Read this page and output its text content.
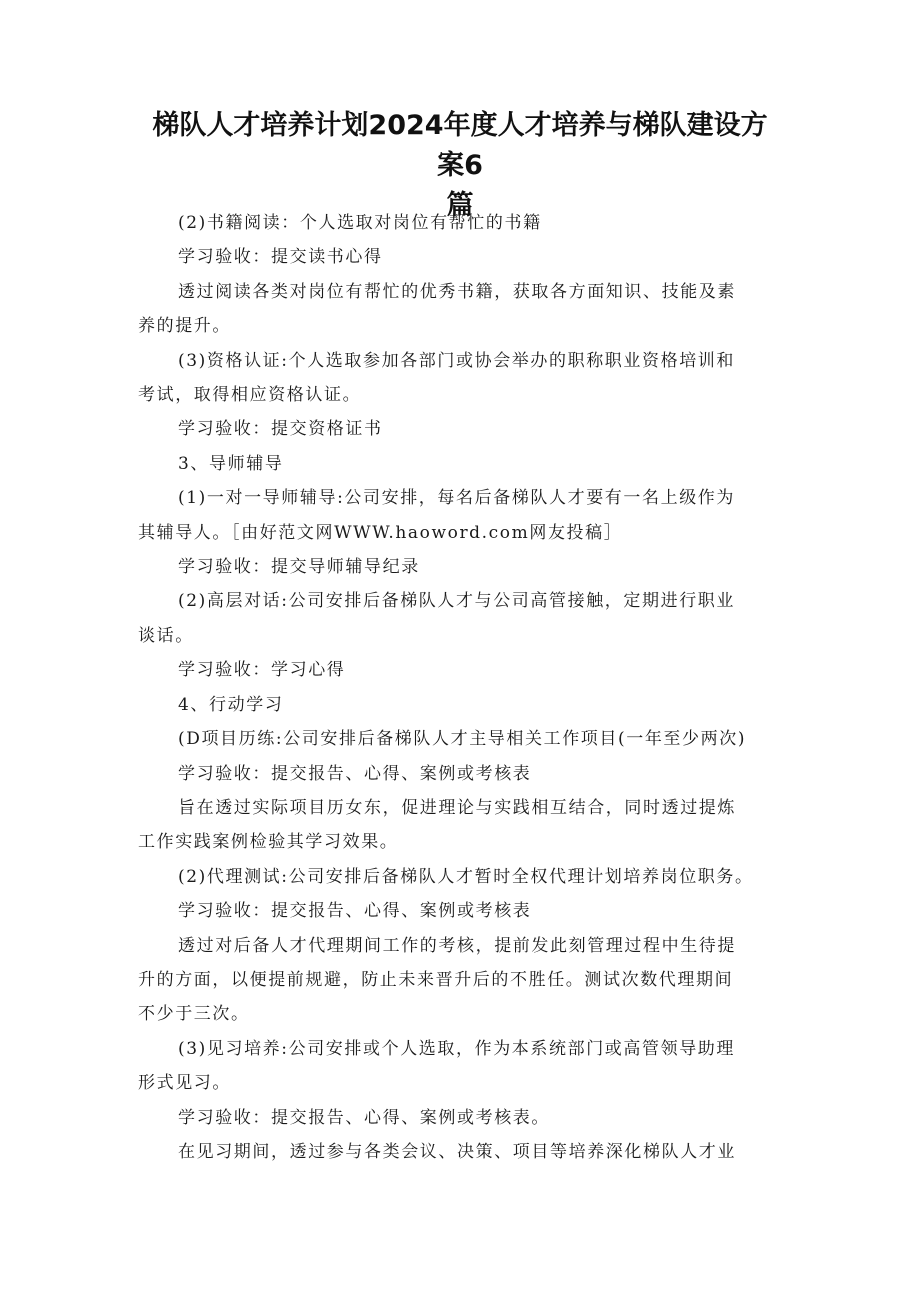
梯队人才培养计划2024年度人才培养与梯队建设方案6
篇

(2)书籍阅读：个人选取对岗位有帮忙的书籍

学习验收：提交读书心得

透过阅读各类对岗位有帮忙的优秀书籍，获取各方面知识、技能及素

养的提升。

(3)资格认证:个人选取参加各部门或协会举办的职称职业资格培训和

考试，取得相应资格认证。

学习验收：提交资格证书

3、导师辅导

(1)一对一导师辅导:公司安排，每名后备梯队人才要有一名上级作为

其辅导人。［由好范文网WWW.haoword.com网友投稿］

学习验收：提交导师辅导纪录

(2)高层对话:公司安排后备梯队人才与公司高管接触，定期进行职业

谈话。

学习验收：学习心得

4、行动学习

(D项目历练:公司安排后备梯队人才主导相关工作项目(一年至少两次)

学习验收：提交报告、心得、案例或考核表

旨在透过实际项目历女东，促进理论与实践相互结合，同时透过提炼

工作实践案例检验其学习效果。

(2)代理测试:公司安排后备梯队人才暂时全权代理计划培养岗位职务。

学习验收：提交报告、心得、案例或考核表

透过对后备人才代理期间工作的考核，提前发此刻管理过程中生待提

升的方面，以便提前规避，防止未来晋升后的不胜任。测试次数代理期间

不少于三次。

(3)见习培养:公司安排或个人选取，作为本系统部门或高管领导助理

形式见习。

学习验收：提交报告、心得、案例或考核表。

在见习期间，透过参与各类会议、决策、项目等培养深化梯队人才业
